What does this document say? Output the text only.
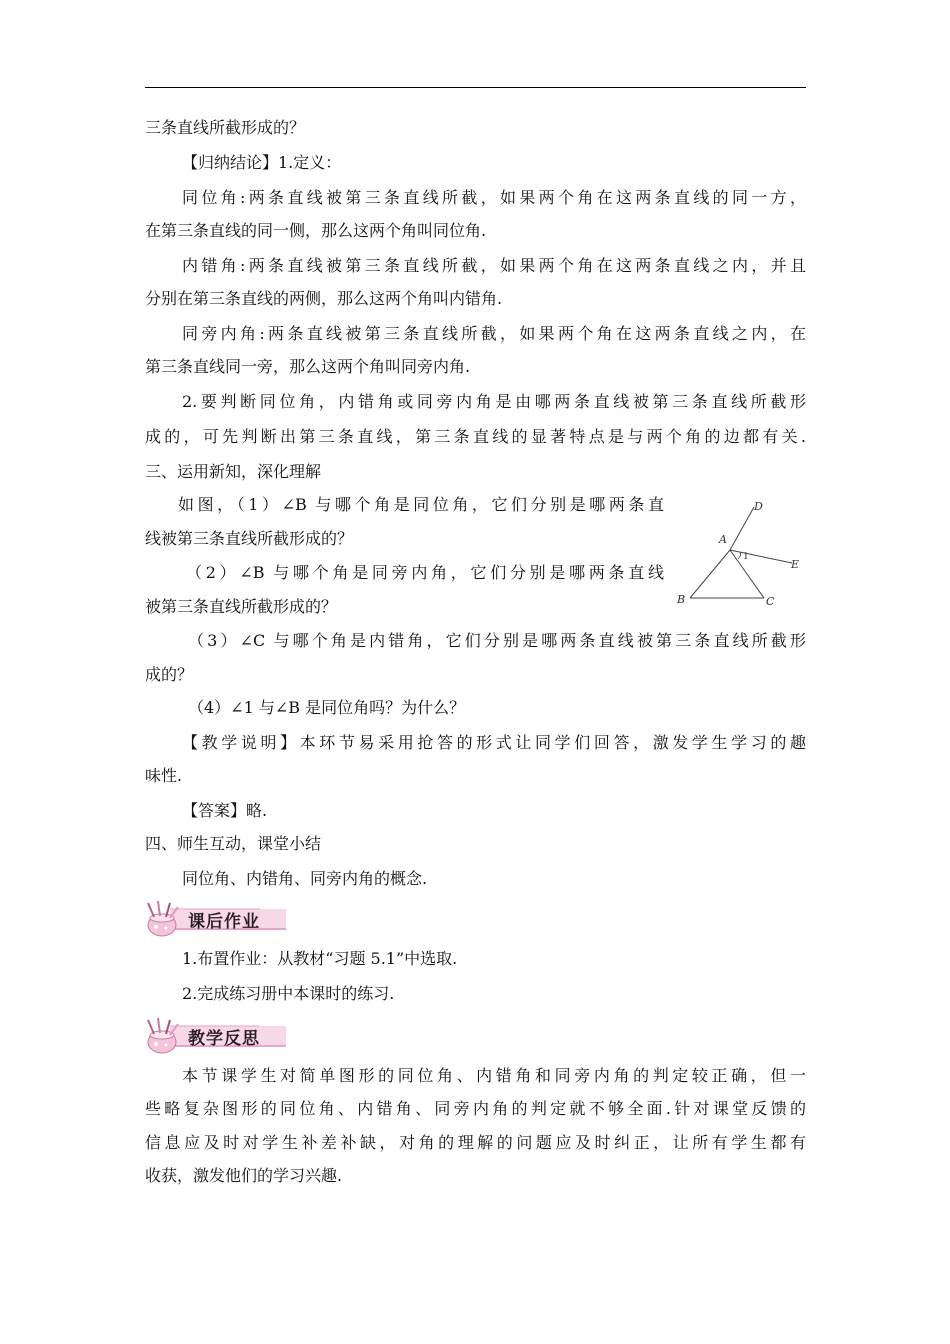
三条直线所截形成的？
【归纳结论】1.定义：
同位角:两条直线被第三条直线所截，如果两个角在这两条直线的同一方，
在第三条直线的同一侧，那么这两个角叫同位角.
内错角:两条直线被第三条直线所截，如果两个角在这两条直线之内，并且
分别在第三条直线的两侧，那么这两个角叫内错角.
同旁内角:两条直线被第三条直线所截，如果两个角在这两条直线之内，在
第三条直线同一旁，那么这两个角叫同旁内角.
2.要判断同位角，内错角或同旁内角是由哪两条直线被第三条直线所截形
成的，可先判断出第三条直线，第三条直线的显著特点是与两个角的边都有关.
三、运用新知，深化理解
如图，（1）∠B 与哪个角是同位角，它们分别是哪两条直
线被第三条直线所截形成的？
（2）∠B 与哪个角是同旁内角，它们分别是哪两条直线
被第三条直线所截形成的？
D
A
E
1
B	C
（3）∠C 与哪个角是内错角，它们分别是哪两条直线被第三条直线所截形
成的？
（4）∠1 与∠B 是同位角吗？为什么？
【教学说明】本环节易采用抢答的形式让同学们回答，激发学生学习的趣
味性.
【答案】略.
四、师生互动，课堂小结
同位角、内错角、同旁内角的概念.
课后作业
1.布置作业：从教材“习题 5.1”中选取.
2.完成练习册中本课时的练习.
教学反思
本节课学生对简单图形的同位角、内错角和同旁内角的判定较正确，但一
些略复杂图形的同位角、内错角、同旁内角的判定就不够全面.针对课堂反馈的
信息应及时对学生补差补缺，对角的理解的问题应及时纠正，让所有学生都有
收获，激发他们的学习兴趣.
